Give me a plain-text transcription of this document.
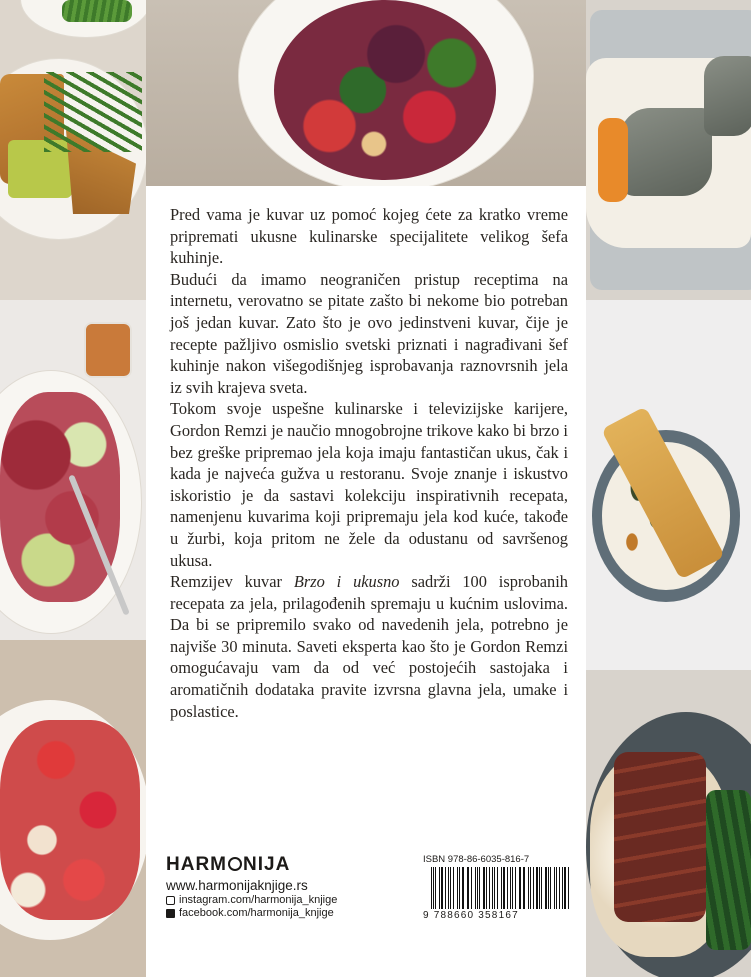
Pred vama je kuvar uz pomoć kojeg ćete za kratko vreme pripremati ukusne kulinarske specijalitete velikog šefa kuhinje.

Budući da imamo neograničen pristup receptima na internetu, verovatno se pitate zašto bi nekome bio potreban još jedan kuvar. Zato što je ovo jedinstveni kuvar, čije je recepte pažljivo osmislio svetski priznati i nagrađivani šef kuhinje nakon višegodišnjeg isprobavanja raznovrsnih jela iz svih krajeva sveta.

Tokom svoje uspešne kulinarske i televizijske karijere, Gordon Remzi je naučio mnogobrojne trikove kako bi brzo i bez greške pripremao jela koja imaju fantastičan ukus, čak i kada je najveća gužva u restoranu. Svoje znanje i iskustvo iskoristio je da sastavi kolekciju inspirativnih recepata, namenjenu kuvarima koji pripremaju jela kod kuće, takođe u žurbi, koja pritom ne žele da odustanu od savršenog ukusa.

Remzijev kuvar Brzo i ukusno sadrži 100 isprobanih recepata za jela, prilagođenih spremaju u kućnim uslovima. Da bi se pripremilo svako od navedenih jela, potrebno je najviše 30 minuta. Saveti eksperta kao što je Gordon Remzi omogućavaju vam da od već postojećih sastojaka i aromatičnih dodataka pravite izvrsna glavna jela, umake i poslastice.

HARM NIJA
www.harmonijaknjige.rs
instagram.com/harmonija_knjige
facebook.com/harmonija_knjige
ISBN 978-86-6035-816-7
9 788660 358167
